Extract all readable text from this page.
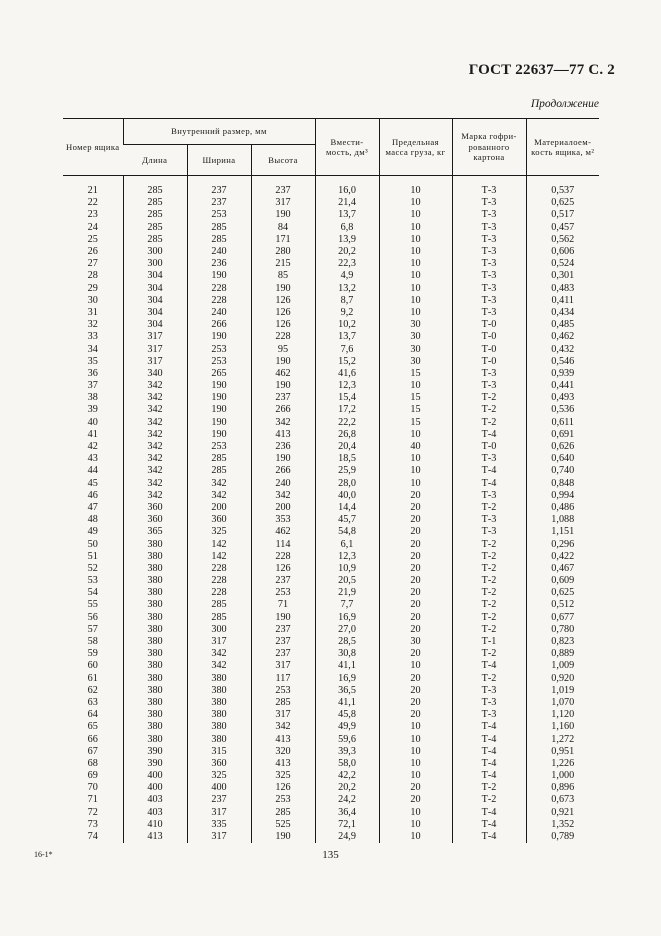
ГОСТ 22637—77 С. 2
Продолжение
Номер ящика	Внутренний размер, мм			Вмести-мость, дм³	Предельная масса груза, кг	Марка гофри-рованного картона	Материалоем-кость ящика, м²
	Длина	Ширина	Высота				
21	285	237	237	16,0	10	Т-3	0,537
22	285	237	317	21,4	10	Т-3	0,625
23	285	253	190	13,7	10	Т-3	0,517
24	285	285	84	6,8	10	Т-3	0,457
25	285	285	171	13,9	10	Т-3	0,562
26	300	240	280	20,2	10	Т-3	0,606
27	300	236	215	22,3	10	Т-3	0,524
28	304	190	85	4,9	10	Т-3	0,301
29	304	228	190	13,2	10	Т-3	0,483
30	304	228	126	8,7	10	Т-3	0,411
31	304	240	126	9,2	10	Т-3	0,434
32	304	266	126	10,2	30	Т-0	0,485
33	317	190	228	13,7	30	Т-0	0,462
34	317	253	95	7,6	30	Т-0	0,432
35	317	253	190	15,2	30	Т-0	0,546
36	340	265	462	41,6	15	Т-3	0,939
37	342	190	190	12,3	10	Т-3	0,441
38	342	190	237	15,4	15	Т-2	0,493
39	342	190	266	17,2	15	Т-2	0,536
40	342	190	342	22,2	15	Т-2	0,611
41	342	190	413	26,8	10	Т-4	0,691
42	342	253	236	20,4	40	Т-0	0,626
43	342	285	190	18,5	10	Т-3	0,640
44	342	285	266	25,9	10	Т-4	0,740
45	342	342	240	28,0	10	Т-4	0,848
46	342	342	342	40,0	20	Т-3	0,994
47	360	200	200	14,4	20	Т-2	0,486
48	360	360	353	45,7	20	Т-3	1,088
49	365	325	462	54,8	20	Т-3	1,151
50	380	142	114	6,1	20	Т-2	0,296
51	380	142	228	12,3	20	Т-2	0,422
52	380	228	126	10,9	20	Т-2	0,467
53	380	228	237	20,5	20	Т-2	0,609
54	380	228	253	21,9	20	Т-2	0,625
55	380	285	71	7,7	20	Т-2	0,512
56	380	285	190	16,9	20	Т-2	0,677
57	380	300	237	27,0	20	Т-2	0,780
58	380	317	237	28,5	30	Т-1	0,823
59	380	342	237	30,8	20	Т-2	0,889
60	380	342	317	41,1	10	Т-4	1,009
61	380	380	117	16,9	20	Т-2	0,920
62	380	380	253	36,5	20	Т-3	1,019
63	380	380	285	41,1	20	Т-3	1,070
64	380	380	317	45,8	20	Т-3	1,120
65	380	380	342	49,9	10	Т-4	1,160
66	380	380	413	59,6	10	Т-4	1,272
67	390	315	320	39,3	10	Т-4	0,951
68	390	360	413	58,0	10	Т-4	1,226
69	400	325	325	42,2	10	Т-4	1,000
70	400	400	126	20,2	20	Т-2	0,896
71	403	237	253	24,2	20	Т-2	0,673
72	403	317	285	36,4	10	Т-4	0,921
73	410	335	525	72,1	10	Т-4	1,352
74	413	317	190	24,9	10	Т-4	0,789
135
16-1*
